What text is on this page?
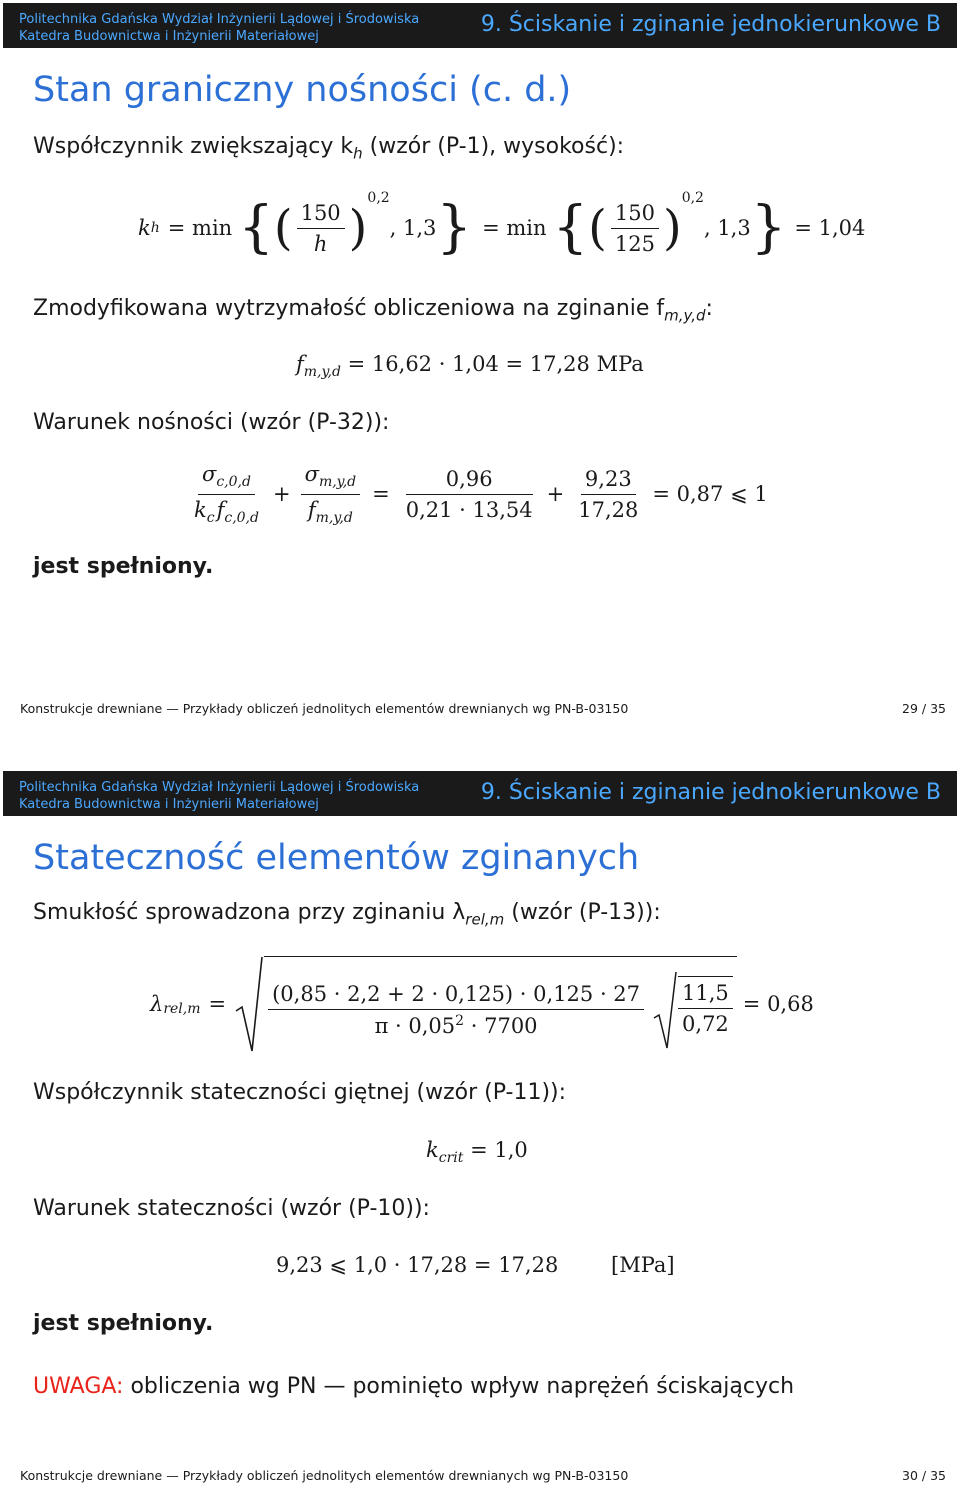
Politechnika Gdańska Wydział Inżynierii Lądowej i Środowiska
Katedra Budownictwa i Inżynierii Materiałowej	9. Ściskanie i zginanie jednokierunkowe B
Stan graniczny nośności (c. d.)
Współczynnik zwiększający $k_h$ (wzór (P-1), wysokość):
k h = min { ( $\frac{150}{h}$ )
$^{0,2}$
, 1,3 } = min { ( $\frac{150}{125}$ )
$^{0,2}$
, 1,3 } = 1,04
Zmodyfikowana wytrzymałość obliczeniowa na zginanie $f_{m,y,d}$:
$f_{m,y,d} = 16,62 \cdot 1,04 = 17,28$ MPa
Warunek nośności (wzór (P-32)):
$\frac{\sigma_{c,0,d}}{k_cf_{c,0,d}} + \frac{\sigma_{m,y,d}}{f_{m,y,d}} = \frac{0,96}{0,21 \cdot 13,54} + \frac{9,23}{17,28} = 0,87$ ⩽ 1
jest spełniony.
Konstrukcje drewniane — Przykłady obliczeń jednolitych elementów drewnianych wg PN-B-03150	29 / 35
Politechnika Gdańska Wydział Inżynierii Lądowej i Środowiska
Katedra Budownictwa i Inżynierii Materiałowej	9. Ściskanie i zginanie jednokierunkowe B
Stateczność elementów zginanych
Smukłość sprowadzona przy zginaniu $\lambda_{rel,m}$ (wzór (P-13)):
$\lambda_{rel,m} = \frac{(0,85 \cdot 2,2 + 2 \cdot 0,125) \cdot 0,125 \cdot 27}{\pi \cdot 0,05^2 \cdot 7700} \frac{11,5}{0,72} = 0,68$
Współczynnik stateczności giętnej (wzór (P-11)):
$k_{crit} = 1,0$
Warunek stateczności (wzór (P-10)):
9,23 ⩽ 1,0 · 17,28 = 17,28	[MPa]
jest spełniony.
UWAGA: obliczenia wg PN — pominięto wpływ naprężeń ściskających
Konstrukcje drewniane — Przykłady obliczeń jednolitych elementów drewnianych wg PN-B-03150	30 / 35
